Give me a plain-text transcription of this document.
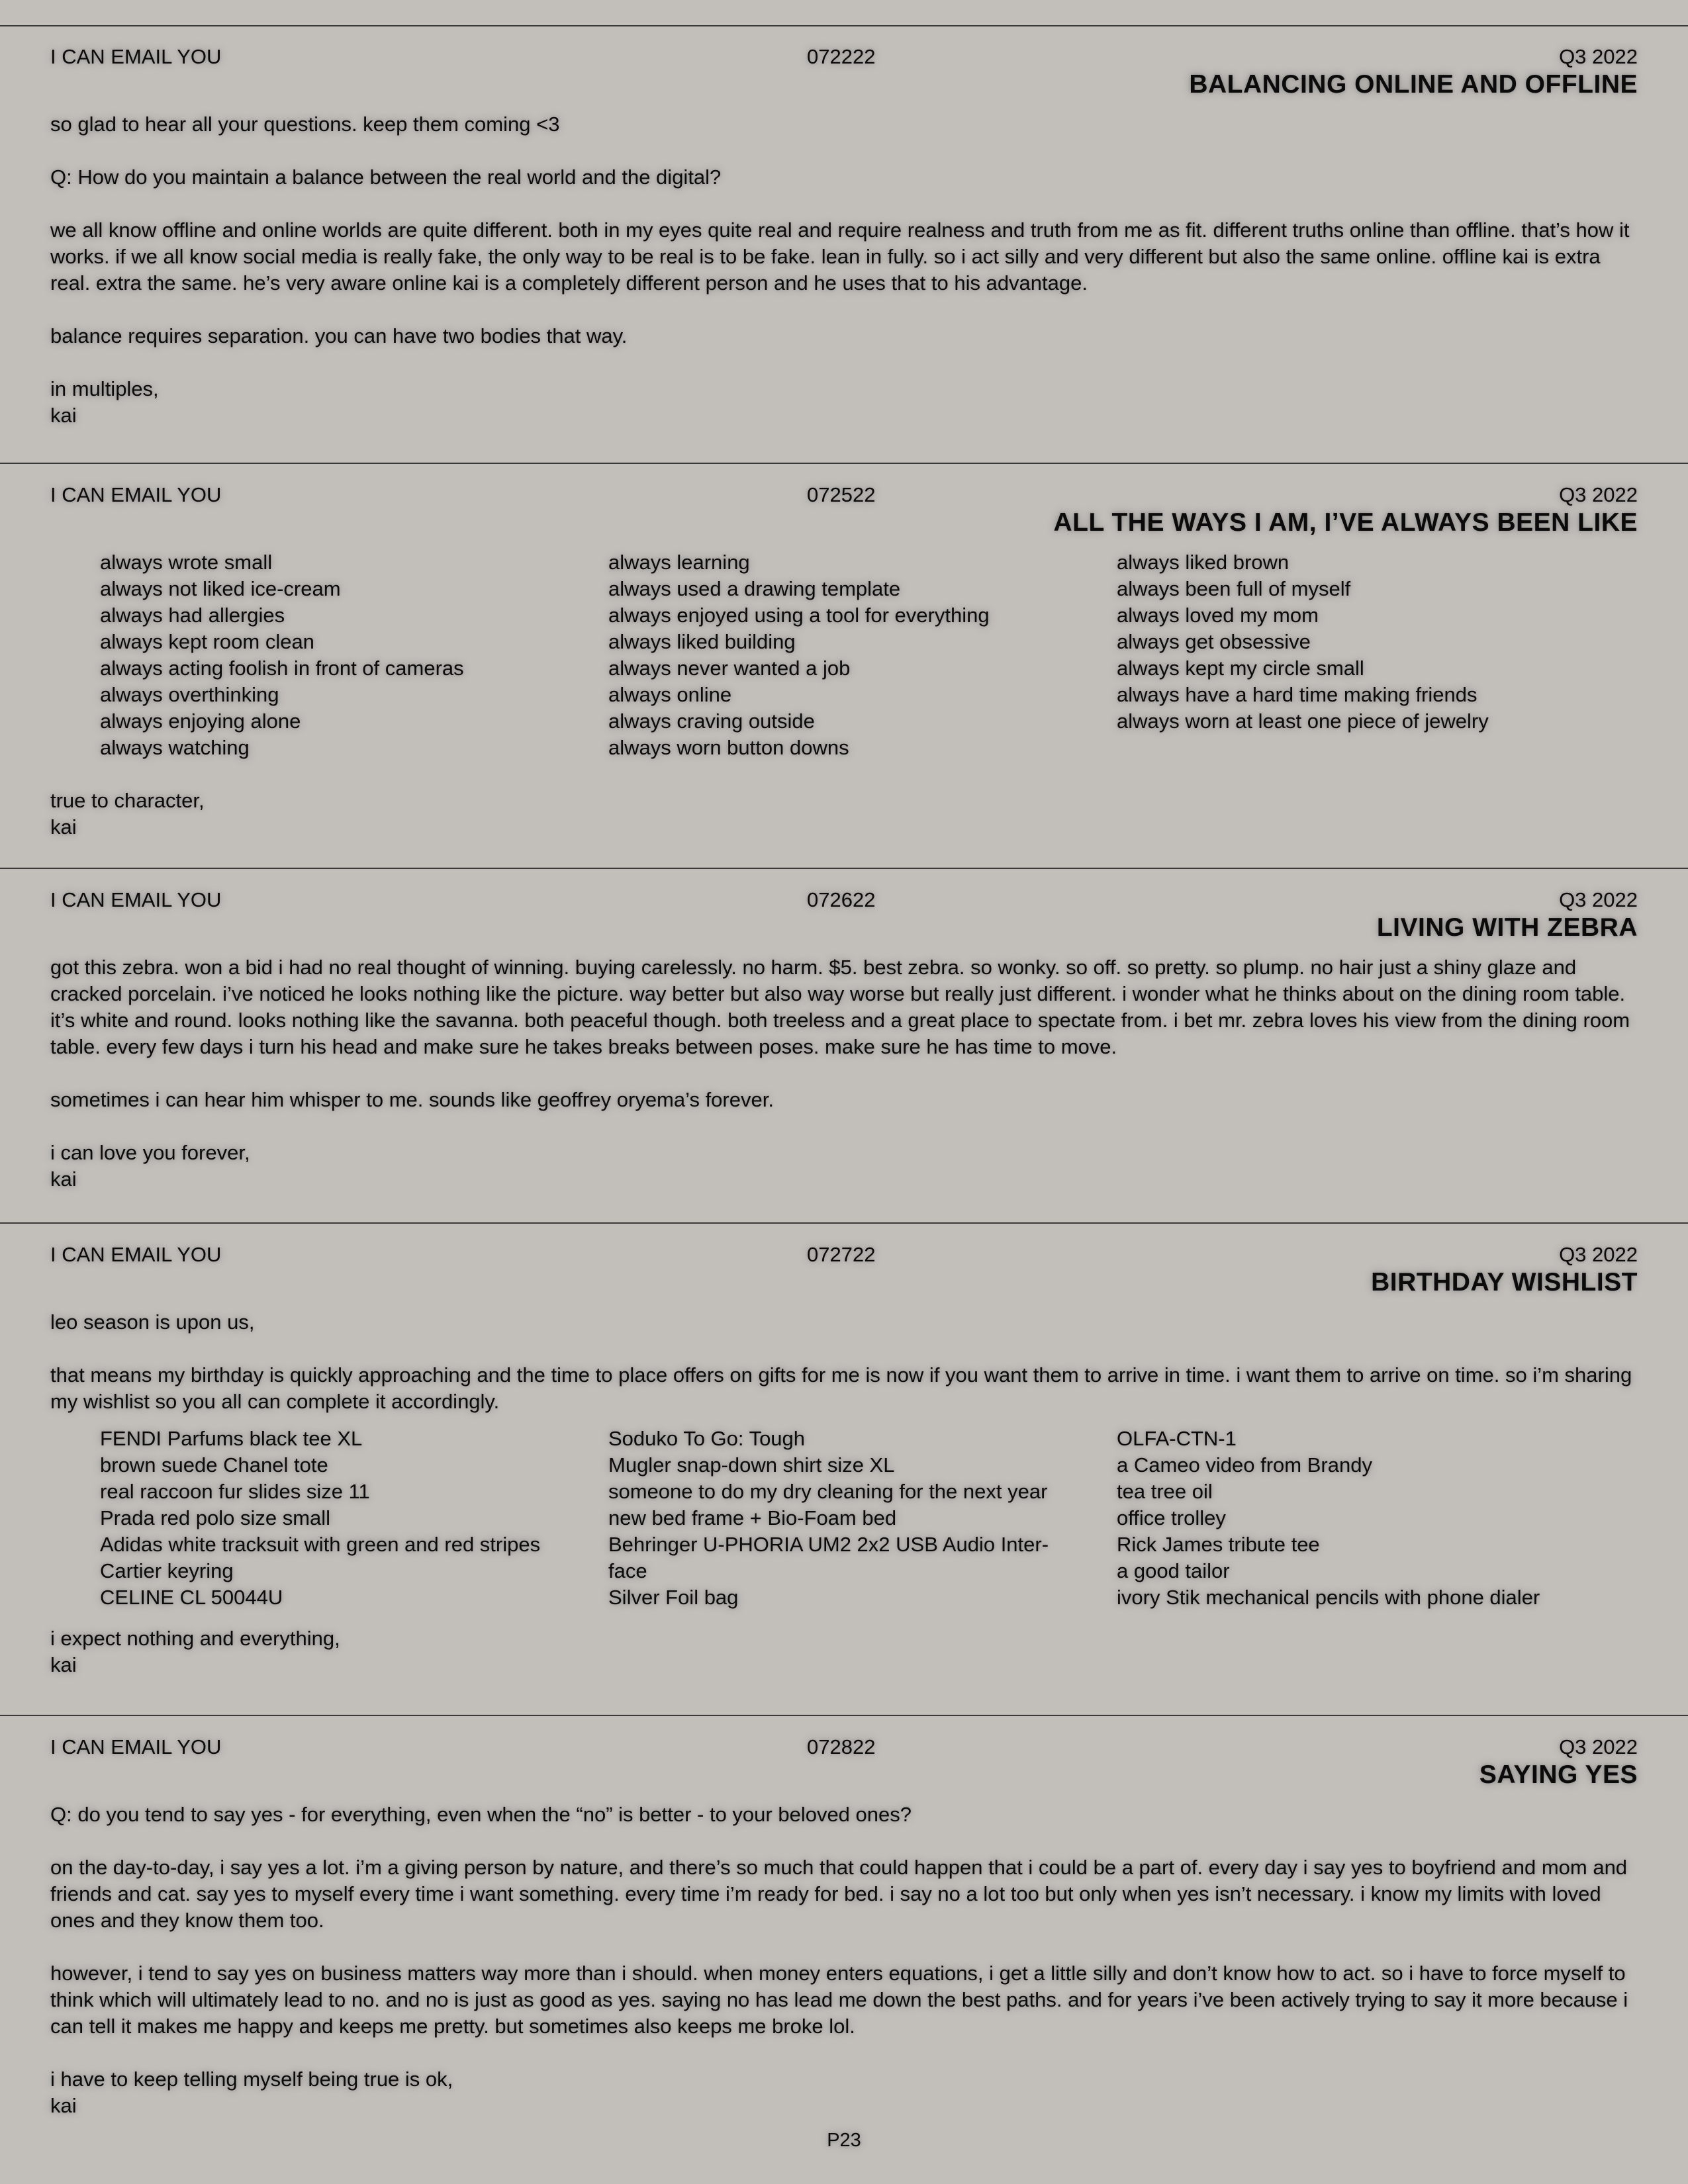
I CAN EMAIL YOU	072222	Q3 2022
BALANCING ONLINE AND OFFLINE

so glad to hear all your questions. keep them coming <3

Q: How do you maintain a balance between the real world and the digital?

we all know offline and online worlds are quite different. both in my eyes quite real and require realness and truth from me as fit. different truths online than offline. that’s how it works. if we all know social media is really fake, the only way to be real is to be fake. lean in fully. so i act silly and very different but also the same online. offline kai is extra real. extra the same. he’s very aware online kai is a completely different person and he uses that to his advantage.

balance requires separation. you can have two bodies that way.

in multiples,
kai
I CAN EMAIL YOU	072522	Q3 2022
ALL THE WAYS I AM, I’VE ALWAYS BEEN LIKE
always wrote small
always not liked ice-cream
always had allergies
always kept room clean
always acting foolish in front of cameras
always overthinking
always enjoying alone
always watching
always learning
always used a drawing template
always enjoyed using a tool for everything
always liked building
always never wanted a job
always online
always craving outside
always worn button downs
always liked brown
always been full of myself
always loved my mom
always get obsessive
always kept my circle small
always have a hard time making friends
always worn at least one piece of jewelry
true to character,
kai
I CAN EMAIL YOU	072622	Q3 2022
LIVING WITH ZEBRA

got this zebra. won a bid i had no real thought of winning. buying carelessly. no harm. $5. best zebra. so wonky. so off. so pretty. so plump. no hair just a shiny glaze and cracked porcelain. i’ve noticed he looks nothing like the picture. way better but also way worse but really just different. i wonder what he thinks about on the dining room table. it’s white and round. looks nothing like the savanna. both peaceful though. both treeless and a great place to spectate from. i bet mr. zebra loves his view from the dining room table. every few days i turn his head and make sure he takes breaks between poses. make sure he has time to move.

sometimes i can hear him whisper to me. sounds like geoffrey oryema’s forever.

i can love you forever,
kai
I CAN EMAIL YOU	072722	Q3 2022
BIRTHDAY WISHLIST

leo season is upon us,

that means my birthday is quickly approaching and the time to place offers on gifts for me is now if you want them to arrive in time. i want them to arrive on time. so i’m sharing my wishlist so you all can complete it accordingly.

FENDI Parfums black tee XL
brown suede Chanel tote
real raccoon fur slides size 11
Prada red polo size small
Adidas white tracksuit with green and red stripes
Cartier keyring
CELINE CL 50044U
Soduko To Go: Tough
Mugler snap-down shirt size XL
someone to do my dry cleaning for the next year
new bed frame + Bio-Foam bed
Behringer U-PHORIA UM2 2x2 USB Audio Inter-face
Silver Foil bag
OLFA-CTN-1
a Cameo video from Brandy
tea tree oil
office trolley
Rick James tribute tee
a good tailor
ivory Stik mechanical pencils with phone dialer
i expect nothing and everything,
kai
I CAN EMAIL YOU	072822	Q3 2022
SAYING YES

Q: do you tend to say yes - for everything, even when the “no” is better - to your beloved ones?

on the day-to-day, i say yes a lot. i’m a giving person by nature, and there’s so much that could happen that i could be a part of. every day i say yes to boyfriend and mom and friends and cat. say yes to myself every time i want something. every time i’m ready for bed. i say no a lot too but only when yes isn’t necessary. i know my limits with loved ones and they know them too.

however, i tend to say yes on business matters way more than i should. when money enters equations, i get a little silly and don’t know how to act. so i have to force myself to think which will ultimately lead to no. and no is just as good as yes. saying no has lead me down the best paths. and for years i’ve been actively trying to say it more because i can tell it makes me happy and keeps me pretty. but sometimes also keeps me broke lol.

i have to keep telling myself being true is ok,
kai
P23
